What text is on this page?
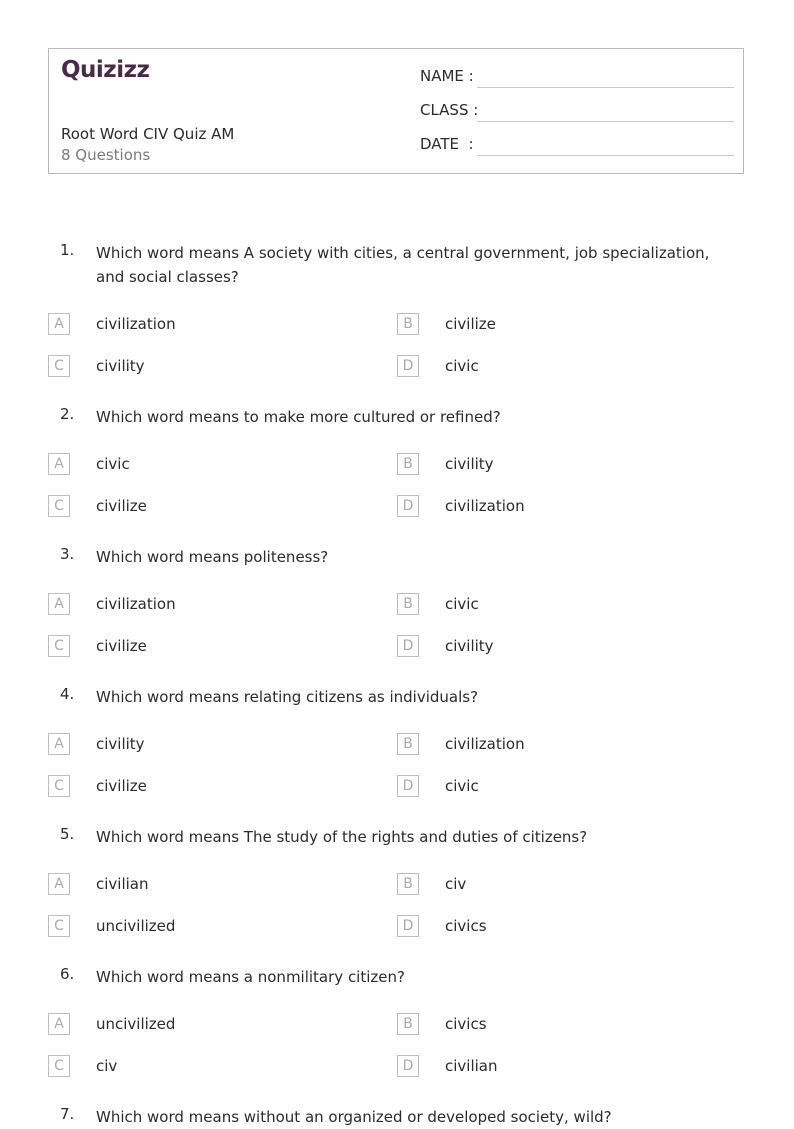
Quizizz
Root Word CIV Quiz AM
8 Questions
NAME :
CLASS :
DATE  :
1. Which word means A society with cities, a central government, job specialization, and social classes?

A	civilization	B	civilize
C	civility	D	civic
2. Which word means to make more cultured or refined?

A	civic	B	civility
C	civilize	D	civilization
3. Which word means politeness?

A	civilization	B	civic
C	civilize	D	civility
4. Which word means relating citizens as individuals?

A	civility	B	civilization
C	civilize	D	civic
5. Which word means The study of the rights and duties of citizens?

A	civilian	B	civ
C	uncivilized	D	civics
6. Which word means a nonmilitary citizen?

A	uncivilized	B	civics
C	civ	D	civilian
7. Which word means without an organized or developed society, wild?
